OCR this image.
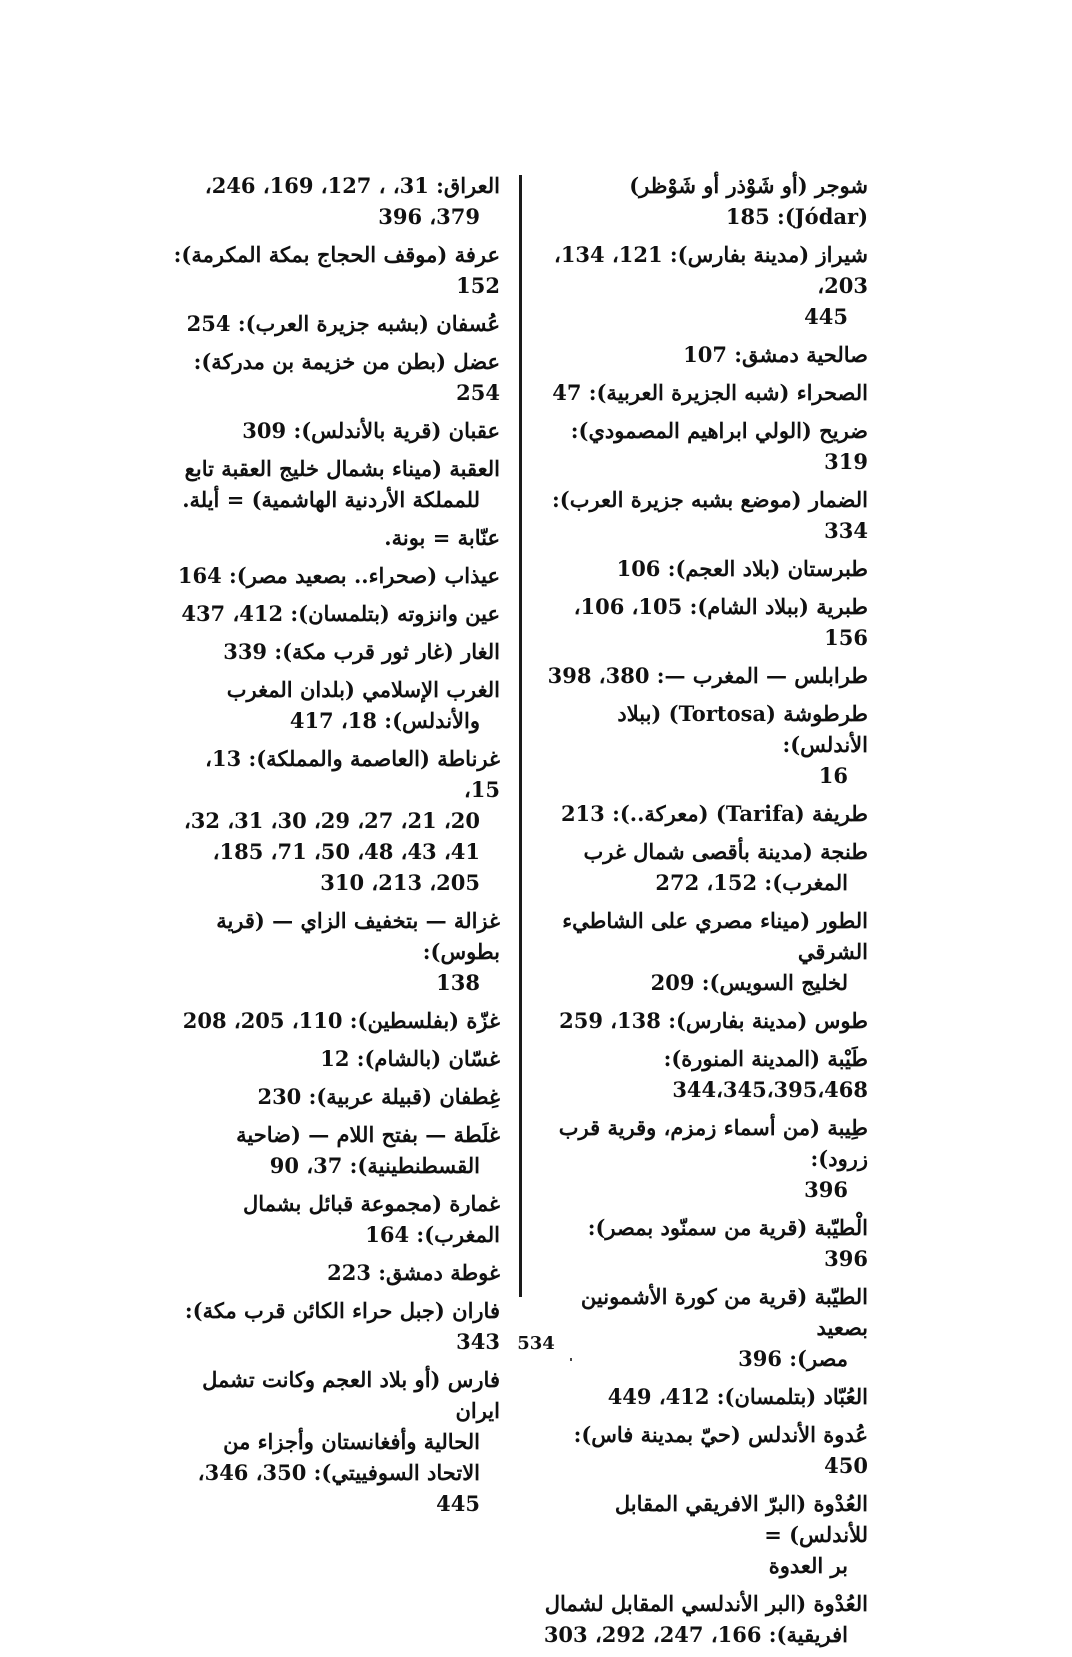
شوجر (أو شَوْذر أو شَوْظر) (Jódar): 185
شيراز (مدينة بفارس): 121، 134، 203،
445
صالحية دمشق: 107
الصحراء (شبه الجزيرة العربية): 47
ضريح (الولي ابراهيم المصمودي): 319
الضمار (موضع بشبه جزيرة العرب): 334
طبرستان (بلاد العجم): 106
طبرية (ببلاد الشام): 105، 106، 156
طرابلس — المغرب —: 380، 398
طرطوشة (Tortosa) (ببلاد الأندلس):
16
طريفة (Tarifa) (معركة..): 213
طنجة (مدينة بأقصى شمال غرب
المغرب): 152، 272
الطور (ميناء مصري على الشاطيء الشرقي
لخليج السويس): 209
طوس (مدينة بفارس): 138، 259
طَيْبة (المدينة المنورة): 344،345،395،468
طِيبة (من أسماء زمزم، وقرية قرب زرود):
396
الْطيّبة (قرية من سمنّود بمصر): 396
الطيّبة (قرية من كورة الأشمونين بصعيد
مصر): 396
العُبّاد (بتلمسان): 412، 449
عُدوة الأندلس (حيّ بمدينة فاس): 450
العُدْوة (البرّ الافريقي المقابل للأندلس) =
بر العدوة
العُدْوة (البر الأندلسي المقابل لشمال
افريقية): 166، 247، 292، 303
العراق: 31، ، 127، 169، 246،
379، 396
عرفة (موقف الحجاج بمكة المكرمة): 152
عُسفان (بشبه جزيرة العرب): 254
عضل (بطن من خزيمة بن مدركة): 254
عقبان (قرية بالأندلس): 309
العقبة (ميناء بشمال خليج العقبة تابع
للمملكة الأردنية الهاشمية) = أيلة.
عنّابة = بونة.
عيذاب (صحراء.. بصعيد مصر): 164
عين وانزوته (بتلمسان): 412، 437
الغار (غار ثور قرب مكة): 339
الغرب الإسلامي (بلدان المغرب
والأندلس): 18، 417
غرناطة (العاصمة والمملكة): 13، 15،
20، 21، 27، 29، 30، 31، 32، 41، 43، 48، 50، 71، 185، 205، 213، 310
غزالة — بتخفيف الزاي — (قرية بطوس):
138
غزّة (بفلسطين): 110، 205، 208
غسّان (بالشام): 12
غِطفان (قبيلة عربية): 230
غلَطة — بفتح اللام — (ضاحية
القسطنطينية): 37، 90
غمارة (مجموعة قبائل بشمال المغرب): 164
غوطة دمشق: 223
فاران (جبل حراء الكائن قرب مكة): 343
فارس (أو بلاد العجم وكانت تشمل ايران
الحالية وأفغانستان وأجزاء من الاتحاد السوفييتي): 350، 346، 445
534
